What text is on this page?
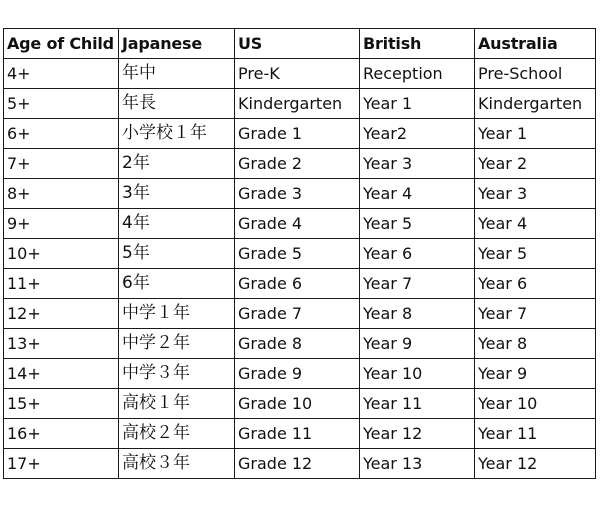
Age of Child	Japanese	US	British	Australia
4+	年中	Pre-K	Reception	Pre-School
5+	年長	Kindergarten	Year 1	Kindergarten
6+	小学校１年	Grade 1	Year2	Year 1
7+	2年	Grade 2	Year 3	Year 2
8+	3年	Grade 3	Year 4	Year 3
9+	4年	Grade 4	Year 5	Year 4
10+	5年	Grade 5	Year 6	Year 5
11+	6年	Grade 6	Year 7	Year 6
12+	中学１年	Grade 7	Year 8	Year 7
13+	中学２年	Grade 8	Year 9	Year 8
14+	中学３年	Grade 9	Year 10	Year 9
15+	高校１年	Grade 10	Year 11	Year 10
16+	高校２年	Grade 11	Year 12	Year 11
17+	高校３年	Grade 12	Year 13	Year 12
